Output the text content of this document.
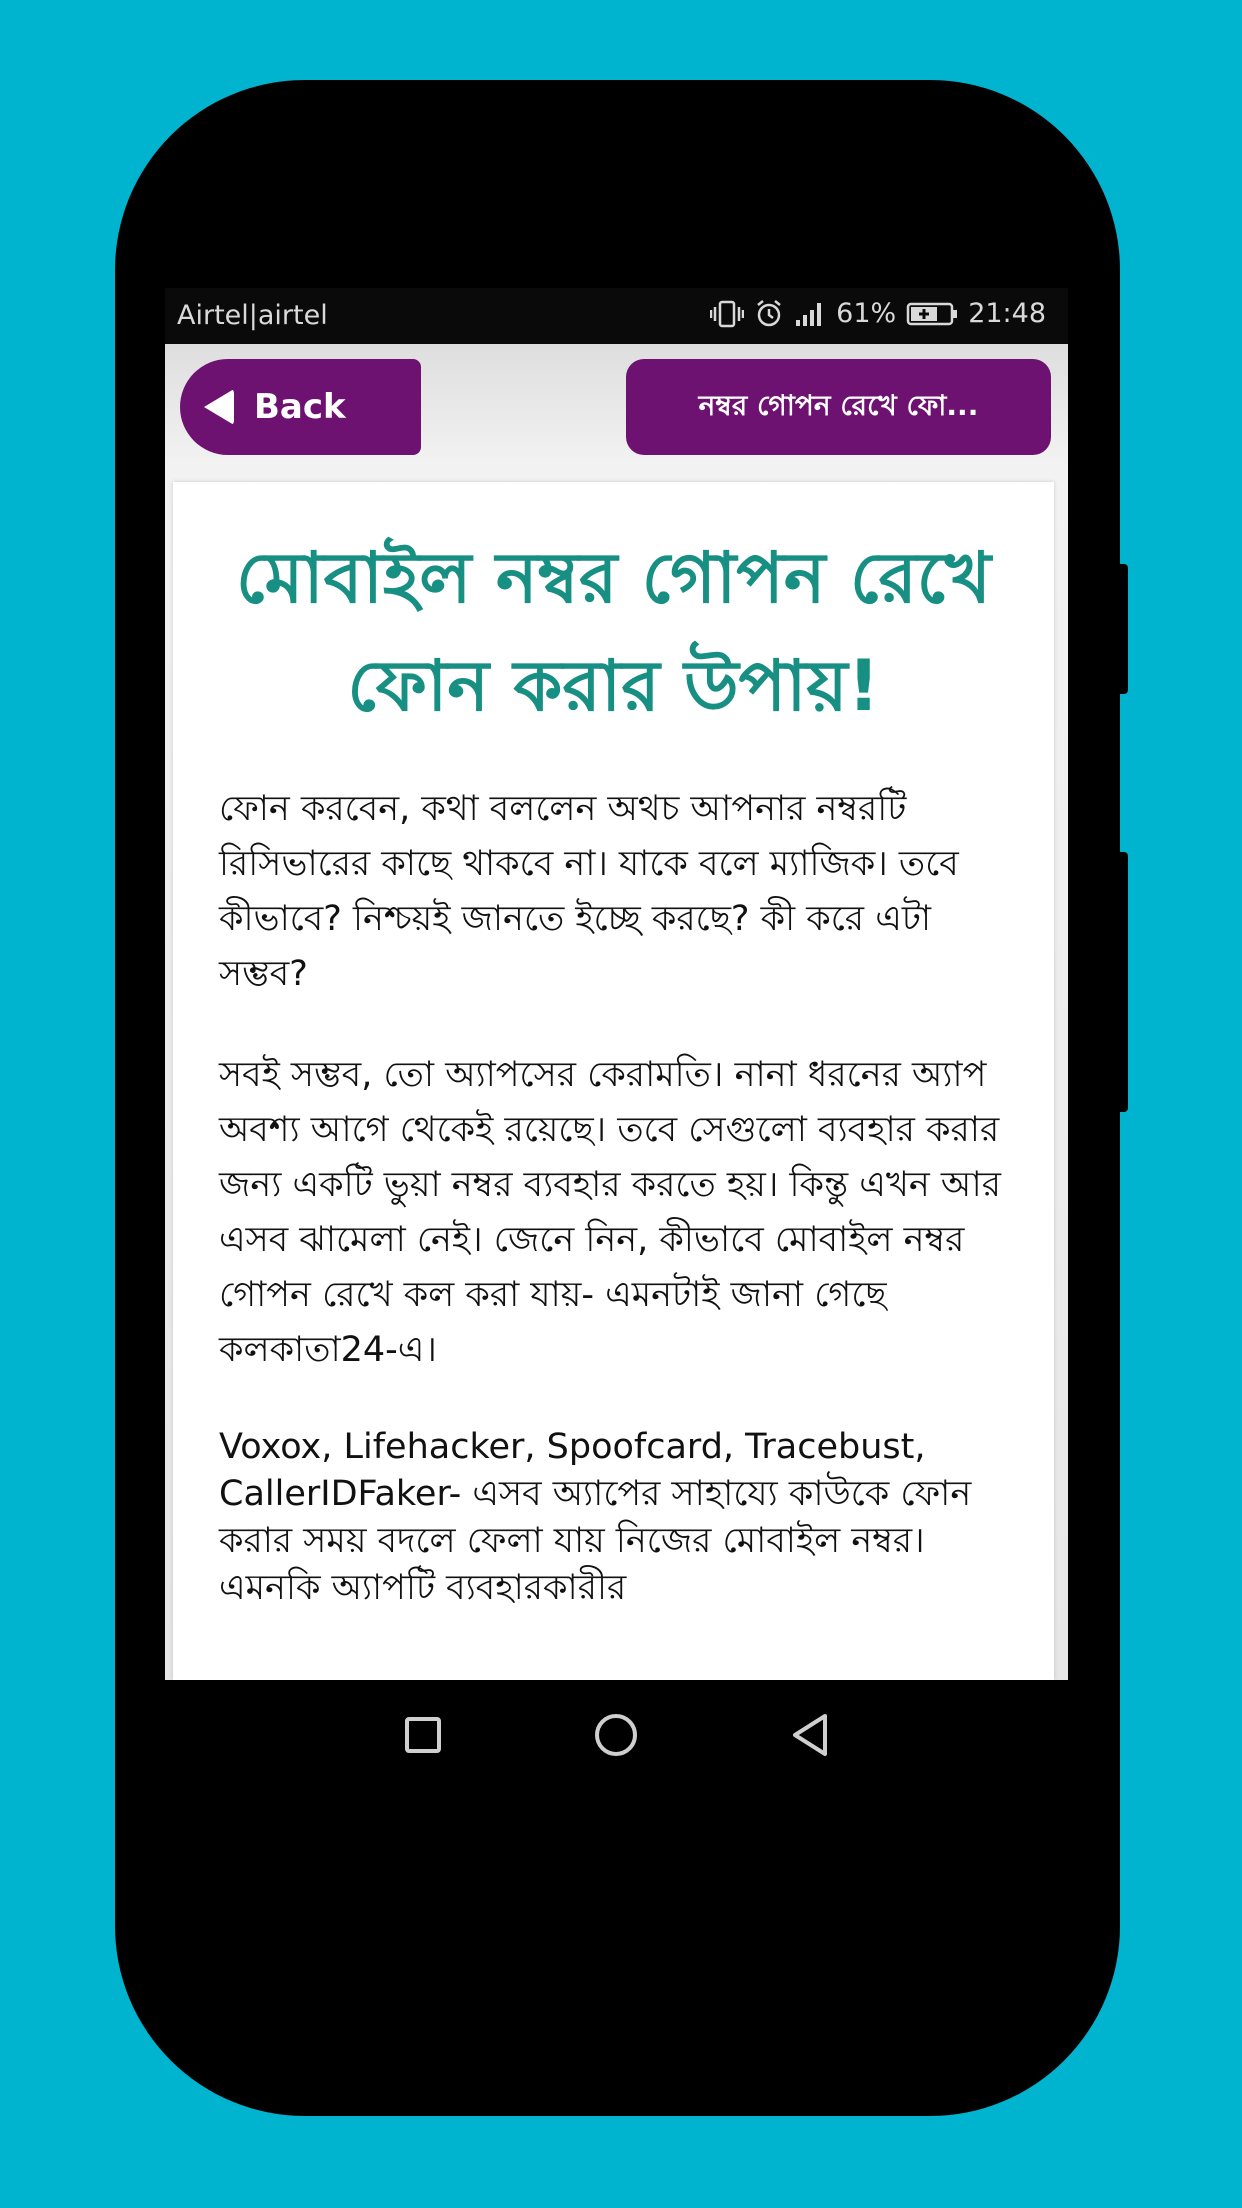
Airtel|airtel	61%	21:48
Back	নম্বর গোপন রেখে ফো...
মোবাইল নম্বর গোপন রেখে ফোন করার উপায়!

ফোন করবেন, কথা বললেন অথচ আপনার নম্বরটি রিসিভারের কাছে থাকবে না। যাকে বলে ম্যাজিক। তবে কীভাবে? নিশ্চয়ই জানতে ইচ্ছে করছে? কী করে এটা সম্ভব?

সবই সম্ভব, তো অ্যাপসের কেরামতি। নানা ধরনের অ্যাপ অবশ্য আগে থেকেই রয়েছে। তবে সেগুলো ব্যবহার করার জন্য একটি ভুয়া নম্বর ব্যবহার করতে হয়। কিন্তু এখন আর এসব ঝামেলা নেই। জেনে নিন, কীভাবে মোবাইল নম্বর গোপন রেখে কল করা যায়- এমনটাই জানা গেছে কলকাতা24-এ।

Voxox, Lifehacker, Spoofcard, Tracebust, CallerIDFaker- এসব অ্যাপের সাহায্যে কাউকে ফোন করার সময় বদলে ফেলা যায় নিজের মোবাইল নম্বর। এমনকি অ্যাপটি ব্যবহারকারীর
